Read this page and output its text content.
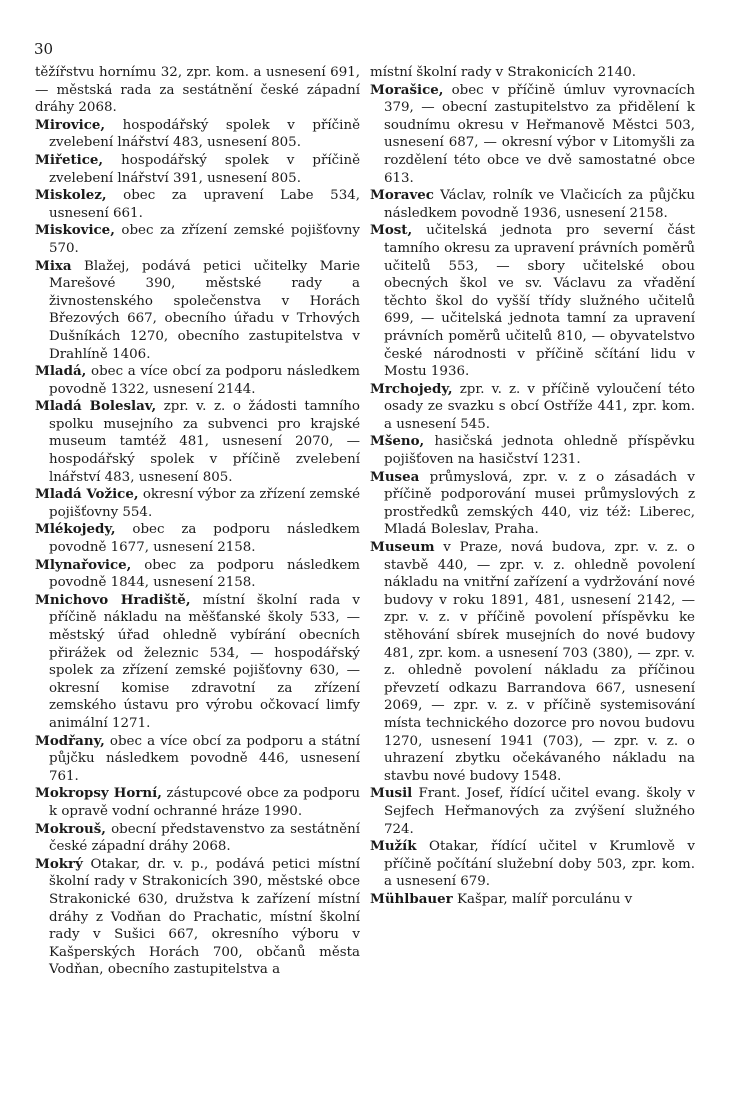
30

těžířstvu hornímu 32, zpr. kom. a usnesení 691, — městská rada za sestátnění české západní dráhy 2068.

Mirovice, hospodářský spolek v příčině zvelebení lnářství 483, usnesení 805.

Miřetice, hospodářský spolek v příčině zvelebení lnářství 391, usnesení 805.

Miskolez, obec za upravení Labe 534, usnesení 661.

Miskovice, obec za zřízení zemské pojišťovny 570.

Mixa Blažej, podává petici učitelky Marie Marešové 390, městské rady a živnostenského společenstva v Horách Březových 667, obecního úřadu v Trhových Dušníkách 1270, obecního zastupitelstva v Drahlíně 1406.

Mladá, obec a více obcí za podporu následkem povodně 1322, usnesení 2144.

Mladá Boleslav, zpr. v. z. o žádosti tamního spolku musejního za subvenci pro krajské museum tamtéž 481, usnesení 2070, — hospodářský spolek v příčině zvelebení lnářství 483, usnesení 805.

Mladá Vožice, okresní výbor za zřízení zemské pojišťovny 554.

Mlékojedy, obec za podporu následkem povodně 1677, usnesení 2158.

Mlynařovice, obec za podporu následkem povodně 1844, usnesení 2158.

Mnichovo Hradiště, místní školní rada v příčině nákladu na měšťanské školy 533, — městský úřad ohledně vybírání obecních přirážek od železnic 534, — hospodářský spolek za zřízení zemské pojišťovny 630, — okresní komise zdravotní za zřízení zemského ústavu pro výrobu očkovací limfy animální 1271.

Modřany, obec a více obcí za podporu a státní půjčku následkem povodně 446, usnesení 761.

Mokropsy Horní, zástupcové obce za podporu k opravě vodní ochranné hráze 1990.

Mokrouš, obecní představenstvo za sestátnění české západní dráhy 2068.

Mokrý Otakar, dr. v. p., podává petici místní školní rady v Strakonicích 390, městské obce Strakonické 630, družstva k zařízení místní dráhy z Vodňan do Prachatic, místní školní rady v Sušici 667, okresního výboru v Kašperských Horách 700, občanů města Vodňan, obecního zastupitelstva a

místní školní rady v Strakonicích 2140.

Morašice, obec v příčině úmluv vyrovnacích 379, — obecní zastupitelstvo za přidělení k soudnímu okresu v Heřmanově Městci 503, usnesení 687, — okresní výbor v Litomyšli za rozdělení této obce ve dvě samostatné obce 613.

Moravec Václav, rolník ve Vlačicích za půjčku následkem povodně 1936, usnesení 2158.

Most, učitelská jednota pro severní část tamního okresu za upravení právních poměrů učitelů 553, — sbory učitelské obou obecných škol ve sv. Václavu za vřadění těchto škol do vyšší třídy služného učitelů 699, — učitelská jednota tamní za upravení právních poměrů učitelů 810, — obyvatelstvo české národnosti v příčině sčítání lidu v Mostu 1936.

Mrchojedy, zpr. v. z. v příčině vyloučení této osady ze svazku s obcí Ostříže 441, zpr. kom. a usnesení 545.

Mšeno, hasičská jednota ohledně příspěvku pojišťoven na hasičství 1231.

Musea průmyslová, zpr. v. z o zásadách v příčině podporování musei průmyslových z prostředků zemských 440, viz též: Liberec, Mladá Boleslav, Praha.

Museum v Praze, nová budova, zpr. v. z. o stavbě 440, — zpr. v. z. ohledně povolení nákladu na vnitřní zařízení a vydržování nové budovy v roku 1891, 481, usnesení 2142, — zpr. v. z. v příčině povolení příspěvku ke stěhování sbírek musejních do nové budovy 481, zpr. kom. a usnesení 703 (380), — zpr. v. z. ohledně povolení nákladu za příčinou převzetí odkazu Barrandova 667, usnesení 2069, — zpr. v. z. v příčině systemisování místa technického dozorce pro novou budovu 1270, usnesení 1941 (703), — zpr. v. z. o uhrazení zbytku očekávaného nákladu na stavbu nové budovy 1548.

Musil Frant. Josef, řídící učitel evang. školy v Sejfech Heřmanových za zvýšení služného 724.

Mužík Otakar, řídící učitel v Krumlově v příčině počítání služební doby 503, zpr. kom. a usnesení 679.

Mühlbauer Kašpar, malíř porculánu v
